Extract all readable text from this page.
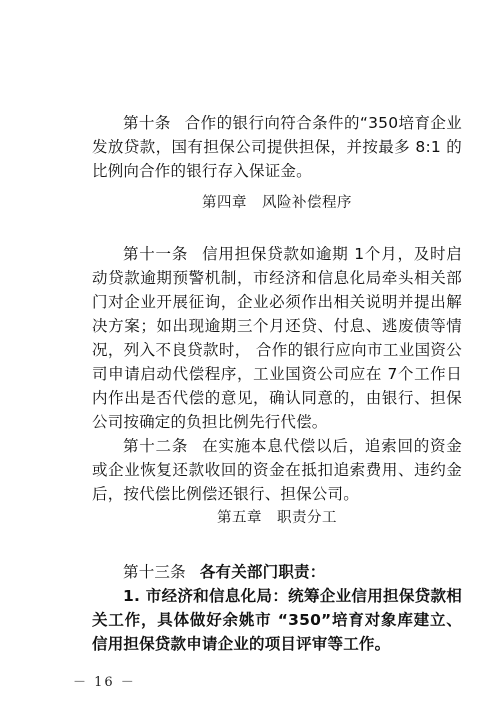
第十条 合作的银行向符合条件的“350培育企业发放贷款，国有担保公司提供担保，并按最多 8:1 的比例向合作的银行存入保证金。

第四章　风险补偿程序

第十一条 信用担保贷款如逾期 1个月，及时启动贷款逾期预警机制，市经济和信息化局牵头相关部门对企业开展征询，企业必须作出相关说明并提出解决方案；如出现逾期三个月还贷、付息、逃废债等情况，列入不良贷款时， 合作的银行应向市工业国资公司申请启动代偿程序，工业国资公司应在 7个工作日内作出是否代偿的意见，确认同意的，由银行、担保公司按确定的负担比例先行代偿。

第十二条 在实施本息代偿以后，追索回的资金或企业恢复还款收回的资金在抵扣追索费用、违约金后，按代偿比例偿还银行、担保公司。

第五章　职责分工

第十三条 各有关部门职责：

1. 市经济和信息化局：统筹企业信用担保贷款相关工作，具体做好余姚市 “350”培育对象库建立、信用担保贷款申请企业的项目评审等工作。

－ 16 －
